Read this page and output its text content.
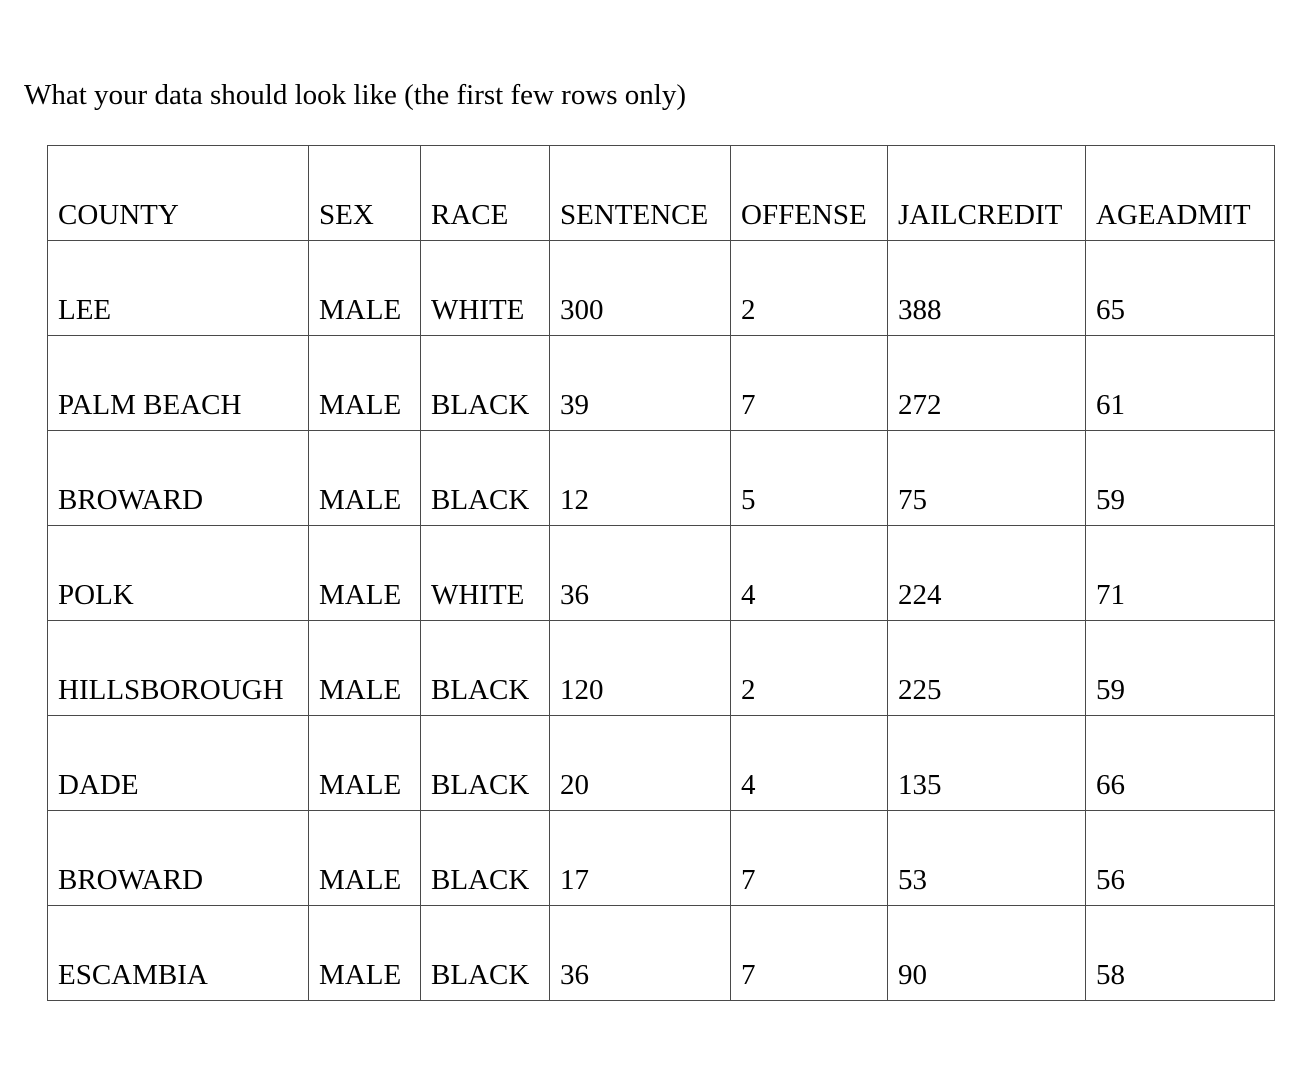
What your data should look like (the first few rows only)
COUNTY	SEX	RACE	SENTENCE	OFFENSE	JAILCREDIT	AGEADMIT

LEE	MALE	WHITE	300	2	388	65

PALM BEACH	MALE	BLACK	39	7	272	61

BROWARD	MALE	BLACK	12	5	75	59

POLK	MALE	WHITE	36	4	224	71

HILLSBOROUGH	MALE	BLACK	120	2	225	59

DADE	MALE	BLACK	20	4	135	66

BROWARD	MALE	BLACK	17	7	53	56

ESCAMBIA	MALE	BLACK	36	7	90	58
